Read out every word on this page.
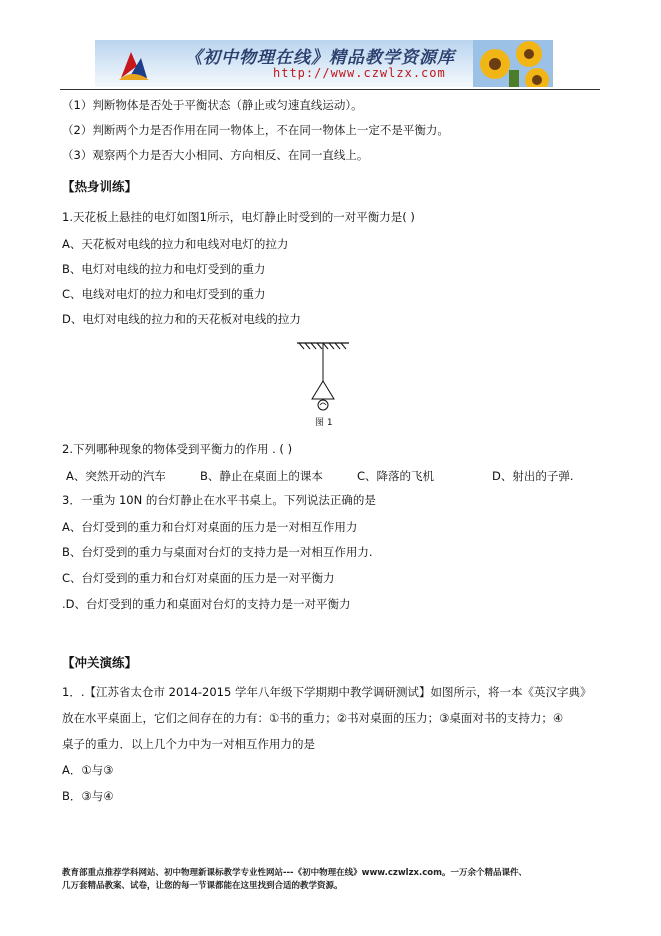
《初中物理在线》精品教学资源库
http://www.czwlzx.com
（1）判断物体是否处于平衡状态（静止或匀速直线运动）。
（2）判断两个力是否作用在同一物体上，不在同一物体上一定不是平衡力。
（3）观察两个力是否大小相同、方向相反、在同一直线上。
【热身训练】
1.天花板上悬挂的电灯如图1所示，电灯静止时受到的一对平衡力是( )
A、天花板对电线的拉力和电线对电灯的拉力
B、电灯对电线的拉力和电灯受到的重力
C、电线对电灯的拉力和电灯受到的重力
D、电灯对电线的拉力和的天花板对电线的拉力
图 1
2.下列哪种现象的物体受到平衡力的作用 . ( )
A、突然开动的汽车	B、静止在桌面上的课本	C、降落的飞机	D、射出的子弹.
3．一重为 10N 的台灯静止在水平书桌上。下列说法正确的是
A、台灯受到的重力和台灯对桌面的压力是一对相互作用力
B、台灯受到的重力与桌面对台灯的支持力是一对相互作用力.
C、台灯受到的重力和台灯对桌面的压力是一对平衡力
.D、台灯受到的重力和桌面对台灯的支持力是一对平衡力
【冲关演练】
1．.【江苏省太仓市 2014-2015 学年八年级下学期期中教学调研测试】如图所示，将一本《英汉字典》
放在水平桌面上，它们之间存在的力有：①书的重力；②书对桌面的压力；③桌面对书的支持力；④
桌子的重力．以上几个力中为一对相互作用力的是
A．①与③
B．③与④
教育部重点推荐学科网站、初中物理新课标教学专业性网站---《初中物理在线》www.czwlzx.com。一万余个精品课件、
几万套精品教案、试卷，让您的每一节课都能在这里找到合适的教学资源。
